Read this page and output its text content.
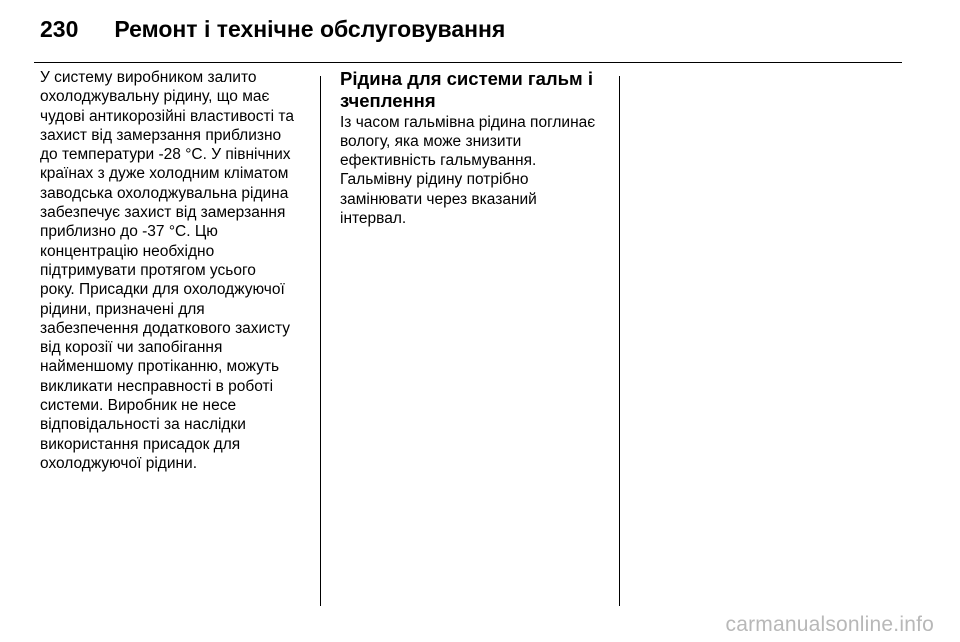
230 Ремонт і технічне обслуговування
У систему виробником залито
охолоджувальну рідину, що має
чудові антикорозійні властивості та
захист від замерзання приблизно
до температури -28 °C. У північних
країнах з дуже холодним кліматом
заводська охолоджувальна рідина
забезпечує захист від замерзання
приблизно до -37 °C. Цю
концентрацію необхідно
підтримувати протягом усього
року. Присадки для охолоджуючої
рідини, призначені для
забезпечення додаткового захисту
від корозії чи запобігання
найменшому протіканню, можуть
викликати несправності в роботі
системи. Виробник не несе
відповідальності за наслідки
використання присадок для
охолоджуючої рідини.
Рідина для системи гальм і
зчеплення
Із часом гальмівна рідина поглинає
вологу, яка може знизити
ефективність гальмування.
Гальмівну рідину потрібно
замінювати через вказаний
інтервал.
carmanualsonline.info
